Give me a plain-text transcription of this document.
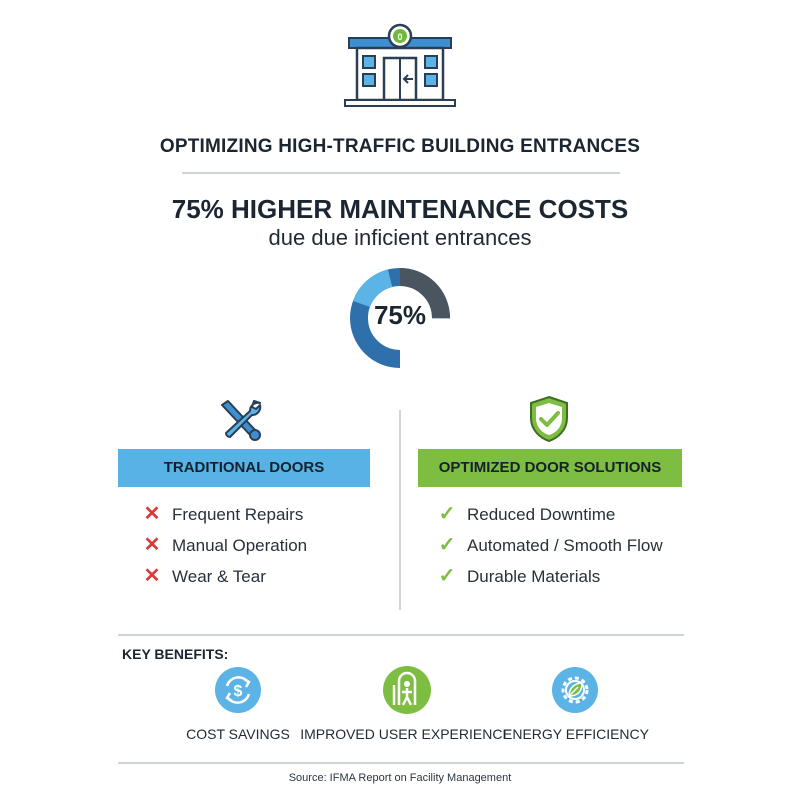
0
OPTIMIZING HIGH-TRAFFIC BUILDING ENTRANCES
75% HIGHER MAINTENANCE COSTS
due due inficient entrances
75%
TRADITIONAL DOORS
✕ Frequent Repairs
✕ Manual Operation
✕ Wear & Tear
OPTIMIZED DOOR SOLUTIONS
✓ Reduced Downtime
✓ Automated / Smooth Flow
✓ Durable Materials
KEY BENEFITS:
$
COST SAVINGS IMPROVED USER EXPERIENCE
ENERGY EFFICIENCY
Source: IFMA Report on Facility Management
